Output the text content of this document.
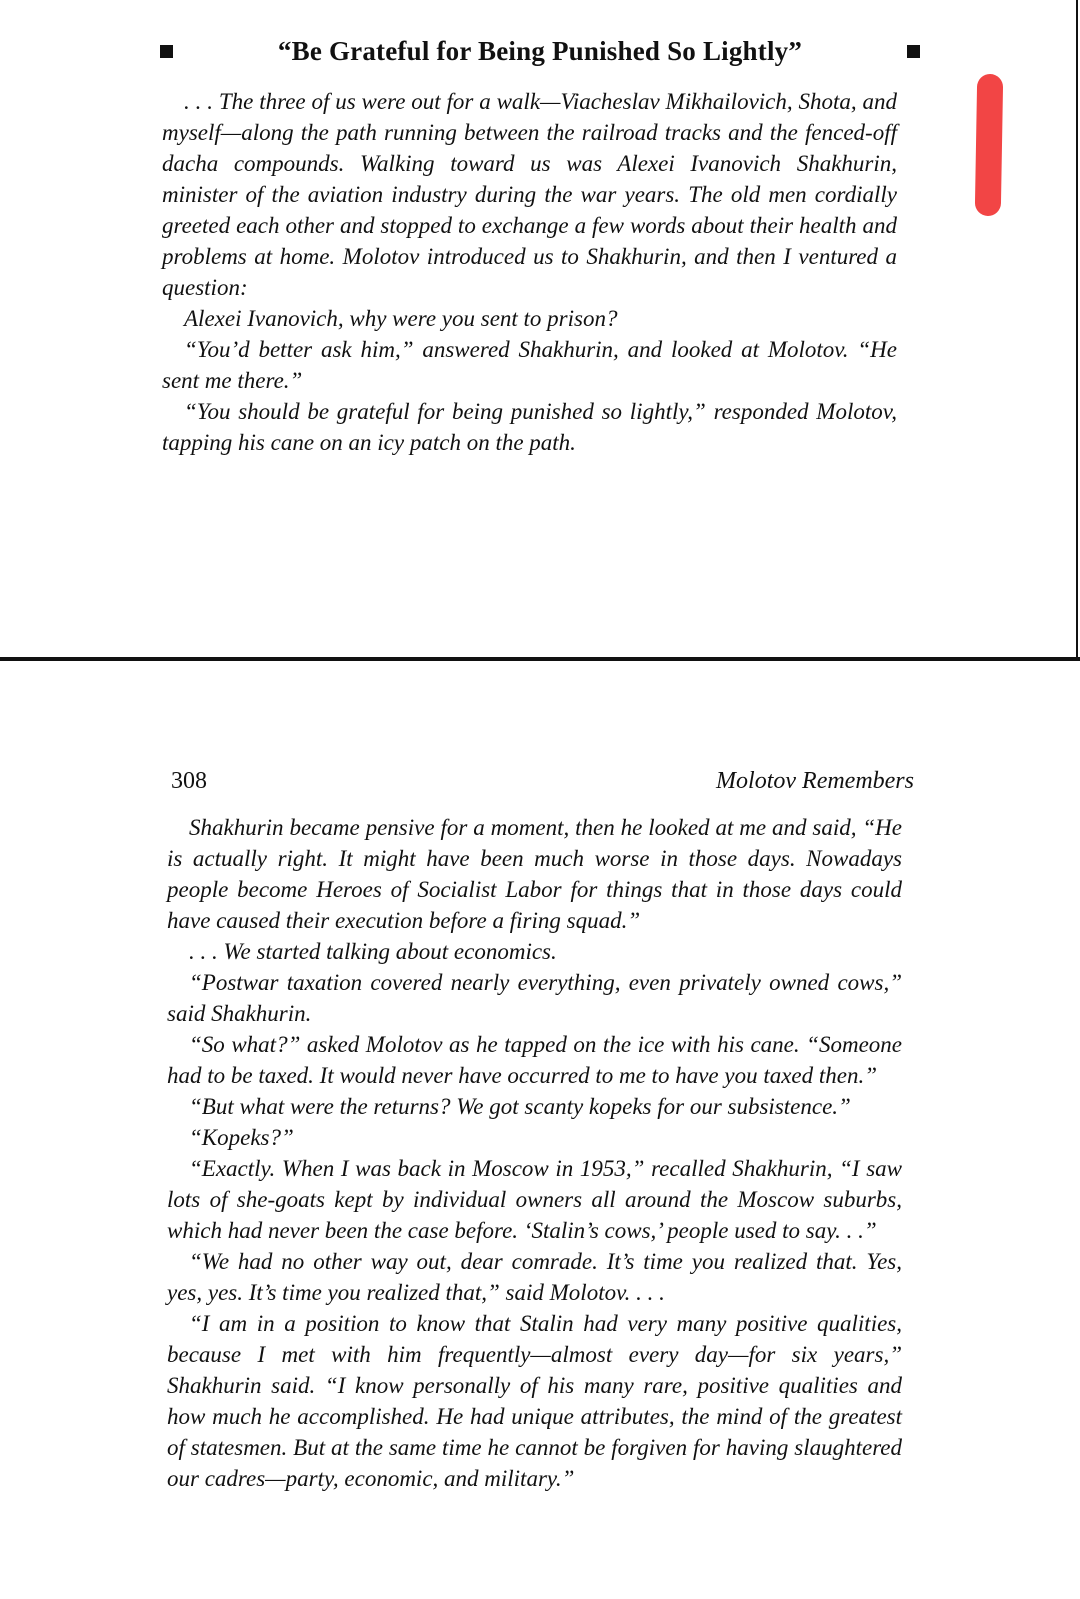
“Be Grateful for Being Punished So Lightly”

. . . The three of us were out for a walk—Viacheslav Mikhailovich, Shota, and myself—along the path running between the railroad tracks and the fenced-off dacha compounds. Walking toward us was Alexei Ivanovich Shakhurin, minister of the aviation industry during the war years. The old men cordially greeted each other and stopped to exchange a few words about their health and problems at home. Molotov introduced us to Shakhurin, and then I ventured a question:

Alexei Ivanovich, why were you sent to prison?

“You’d better ask him,” answered Shakhurin, and looked at Molotov. “He sent me there.”

“You should be grateful for being punished so lightly,” responded Molotov, tapping his cane on an icy patch on the path.

308	Molotov Remembers

Shakhurin became pensive for a moment, then he looked at me and said, “He is actually right. It might have been much worse in those days. Nowadays people become Heroes of Socialist Labor for things that in those days could have caused their execution before a firing squad.”

. . . We started talking about economics.

“Postwar taxation covered nearly everything, even privately owned cows,” said Shakhurin.

“So what?” asked Molotov as he tapped on the ice with his cane. “Someone had to be taxed. It would never have occurred to me to have you taxed then.”

“But what were the returns? We got scanty kopeks for our subsistence.”

“Kopeks?”

“Exactly. When I was back in Moscow in 1953,” recalled Shakhurin, “I saw lots of she-goats kept by individual owners all around the Moscow suburbs, which had never been the case before. ‘Stalin’s cows,’ people used to say. . .”

“We had no other way out, dear comrade. It’s time you realized that. Yes, yes, yes. It’s time you realized that,” said Molotov. . . .

“I am in a position to know that Stalin had very many positive qualities, because I met with him frequently—almost every day—for six years,” Shakhurin said. “I know personally of his many rare, positive qualities and how much he accomplished. He had unique attributes, the mind of the greatest of statesmen. But at the same time he cannot be forgiven for having slaughtered our cadres—party, economic, and military.”
